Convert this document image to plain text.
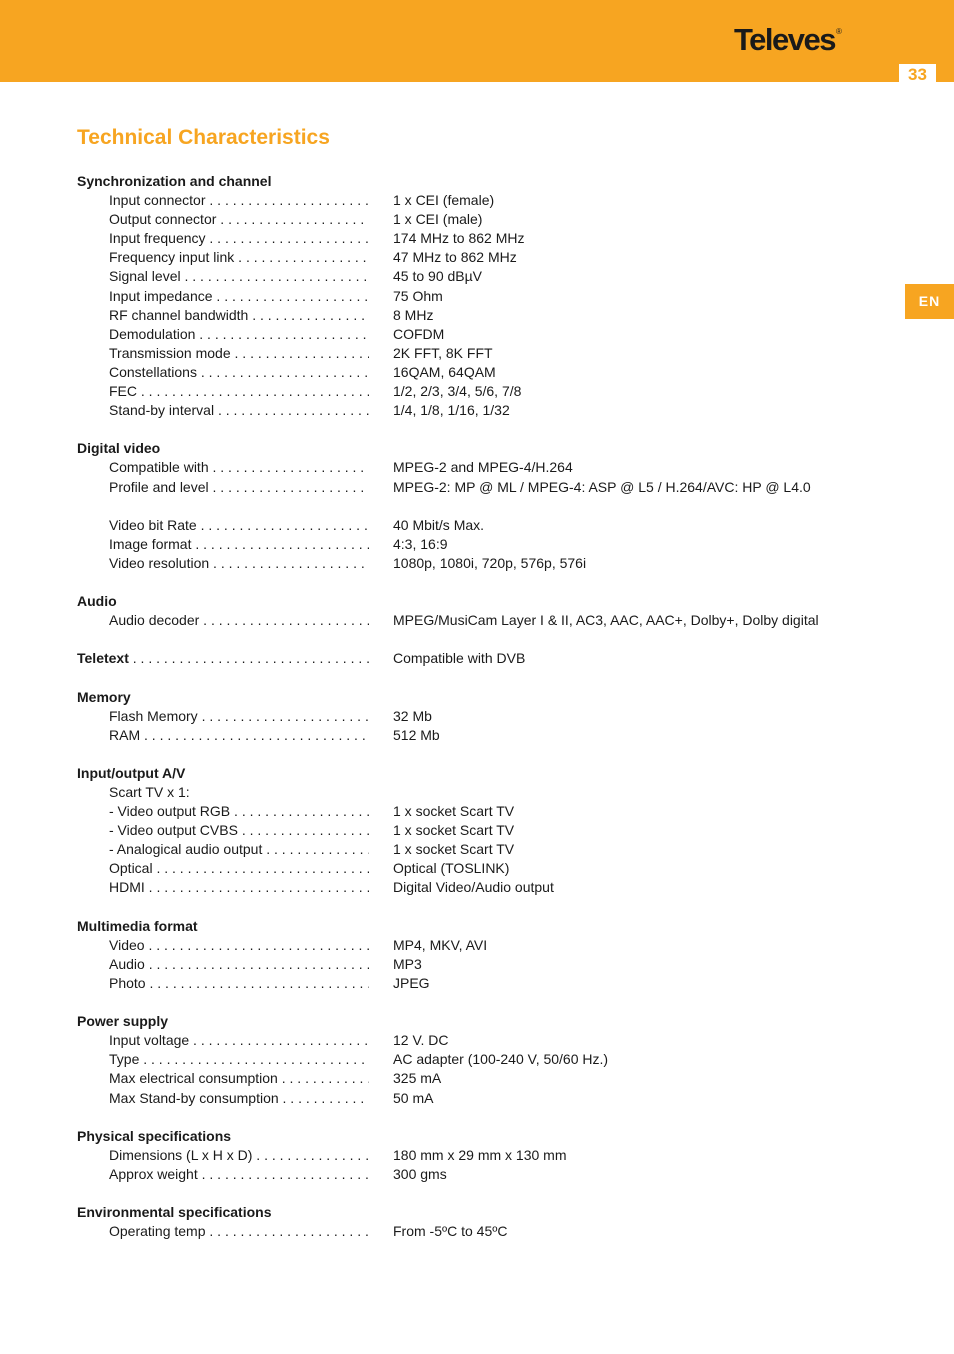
Televes®
33
EN
Technical Characteristics
Synchronization and channel
Input connector . . .	1 x CEI (female)
Output connector . . .	1 x CEI (male)
Input frequency . . .	174 MHz to 862 MHz
Frequency input link . . .	47 MHz to 862 MHz
Signal level . . .	45 to 90 dBµV
Input impedance . . .	75 Ohm
RF channel bandwidth . . .	8 MHz
Demodulation . . .	COFDM
Transmission mode . . .	2K FFT, 8K FFT
Constellations . . .	16QAM, 64QAM
FEC . . .	1/2, 2/3, 3/4, 5/6, 7/8
Stand-by interval . . .	1/4, 1/8, 1/16, 1/32
Digital video
Compatible with . . .	MPEG-2 and MPEG-4/H.264
Profile and level . . .	MPEG-2: MP @ ML / MPEG-4: ASP @ L5 / H.264/AVC: HP @ L4.0
Video bit Rate . . .	40 Mbit/s Max.
Image format . . .	4:3, 16:9
Video resolution . . .	1080p, 1080i, 720p, 576p, 576i
Audio
Audio decoder . . .	MPEG/MusiCam Layer I & II, AC3, AAC, AAC+, Dolby+, Dolby digital
Teletext . . .	Compatible with DVB
Memory
Flash Memory . . .	32 Mb
RAM . . .	512 Mb
Input/output A/V
Scart TV x 1:
- Video output RGB . . .	1 x socket Scart TV
- Video output CVBS . . .	1 x socket Scart TV
- Analogical audio output . . .	1 x socket Scart TV
Optical . . .	Optical (TOSLINK)
HDMI . . .	Digital Video/Audio output
Multimedia format
Video . . .	MP4, MKV, AVI
Audio . . .	MP3
Photo . . .	JPEG
Power supply
Input voltage . . .	12 V. DC
Type . . .	AC adapter (100-240 V, 50/60 Hz.)
Max electrical consumption . . .	325 mA
Max Stand-by consumption . . .	50 mA
Physical specifications
Dimensions (L x H x D) . . .	180 mm x 29 mm x 130 mm
Approx weight . . .	300 gms
Environmental specifications
Operating temp . . .	From -5ºC to 45ºC
